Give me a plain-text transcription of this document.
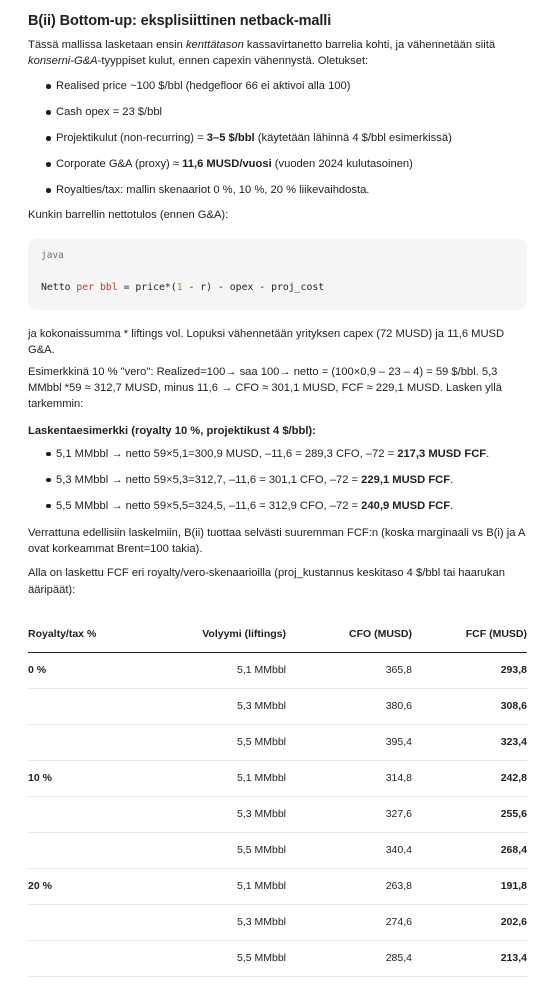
B(ii) Bottom-up: eksplisiittinen netback-malli

Tässä mallissa lasketaan ensin kenttätason kassavirtanetto barrelia kohti, ja vähennetään siitä konserni-G&A-tyyppiset kulut, ennen capexin vähennystä. Oletukset:

Realised price ~100 $/bbl (hedgefloor 66 ei aktivoi alla 100)
Cash opex = 23 $/bbl
Projektikulut (non-recurring) = 3–5 $/bbl (käytetään lähinnä 4 $/bbl esimerkissä)
Corporate G&A (proxy) ≈ 11,6 MUSD/vuosi (vuoden 2024 kulutasoinen)
Royalties/tax: mallin skenaariot 0 %, 10 %, 20 % liikevaihdosta.

Kunkin barrellin nettotulos (ennen G&A):

java
Netto per bbl = price*(1 - r) - opex - proj_cost

ja kokonaissumma * liftings vol. Lopuksi vähennetään yrityksen capex (72 MUSD) ja 11,6 MUSD G&A.

Esimerkkinä 10 % "vero": Realized=100→ saa 100→ netto = (100×0,9 – 23 – 4) = 59 $/bbl. 5,3 MMbbl *59 ≈ 312,7 MUSD, minus 11,6 → CFO ≈ 301,1 MUSD, FCF ≈ 229,1 MUSD. Lasken yllä tarkemmin:

Laskentaesimerkki (royalty 10 %, projektikust 4 $/bbl):

5,1 MMbbl → netto 59×5,1=300,9 MUSD, –11,6 = 289,3 CFO, –72 = 217,3 MUSD FCF.
5,3 MMbbl → netto 59×5,3=312,7, –11,6 = 301,1 CFO, –72 = 229,1 MUSD FCF.
5,5 MMbbl → netto 59×5,5=324,5, –11,6 = 312,9 CFO, –72 = 240,9 MUSD FCF.

Verrattuna edellisiin laskelmiin, B(ii) tuottaa selvästi suuremman FCF:n (koska marginaali vs B(i) ja A ovat korkeammat Brent=100 takia).

Alla on laskettu FCF eri royalty/vero-skenaarioilla (proj_kustannus keskitaso 4 $/bbl tai haarukan ääripäät):

Royalty/tax %	Volyymi (liftings)	CFO (MUSD)	FCF (MUSD)
0 %	5,1 MMbbl	365,8	293,8
	5,3 MMbbl	380,6	308,6
	5,5 MMbbl	395,4	323,4
10 %	5,1 MMbbl	314,8	242,8
	5,3 MMbbl	327,6	255,6
	5,5 MMbbl	340,4	268,4
20 %	5,1 MMbbl	263,8	191,8
	5,3 MMbbl	274,6	202,6
	5,5 MMbbl	285,4	213,4
